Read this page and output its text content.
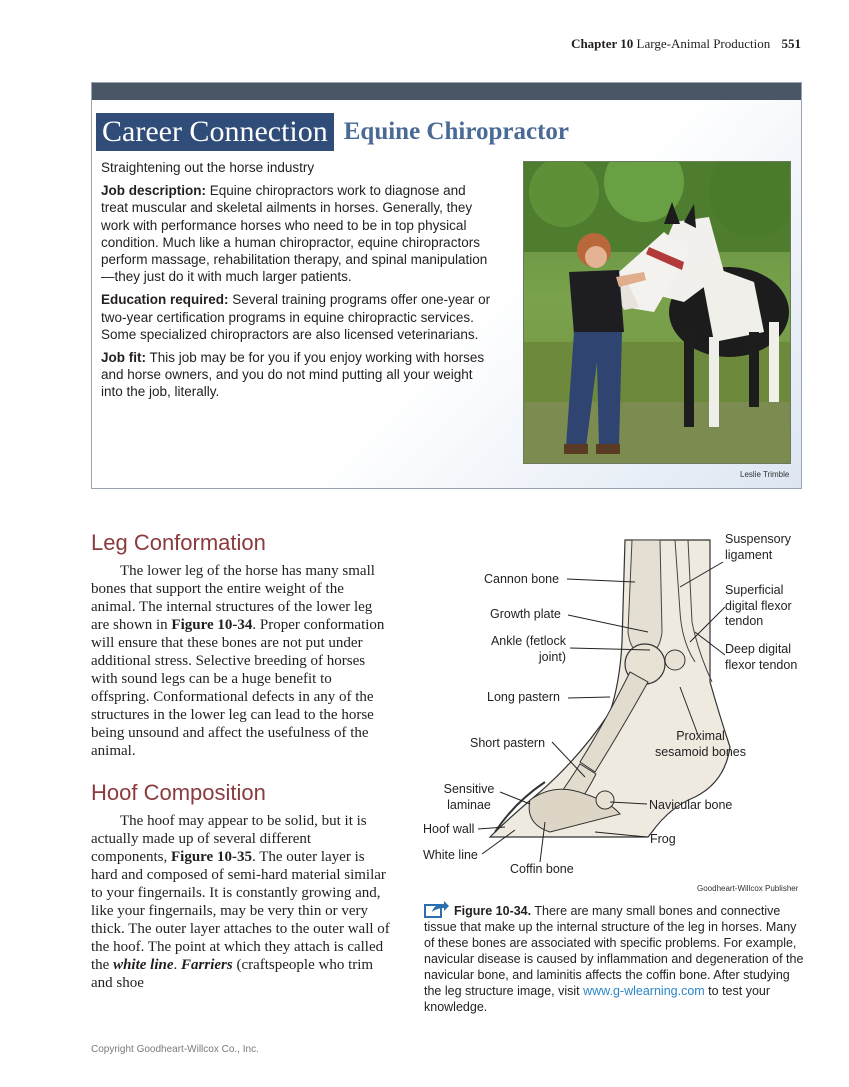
Chapter 10 Large-Animal Production 551
Career Connection Equine Chiropractor

Straightening out the horse industry

Job description: Equine chiropractors work to diagnose and treat muscular and skeletal ailments in horses. Generally, they work with performance horses who need to be in top physical condition. Much like a human chiropractor, equine chiropractors perform massage, rehabilitation therapy, and spinal manipulation—they just do it with much larger patients.

Education required: Several training programs offer one-year or two-year certification programs in equine chiropractic services. Some specialized chiropractors are also licensed veterinarians.

Job fit: This job may be for you if you enjoy working with horses and horse owners, and you do not mind putting all your weight into the job, literally.

Leslie Trimble
Leg Conformation

The lower leg of the horse has many small bones that support the entire weight of the animal. The internal structures of the lower leg are shown in Figure 10-34. Proper conformation will ensure that these bones are not put under additional stress. Selective breeding of horses with sound legs can be a huge benefit to offspring. Conformational defects in any of the structures in the lower leg can lead to the horse being unsound and affect the usefulness of the animal.

Hoof Composition

The hoof may appear to be solid, but it is actually made up of several different components, Figure 10-35. The outer layer is hard and composed of semi-hard material similar to your fingernails. It is constantly growing and, like your fingernails, may be very thin or very thick. The outer layer attaches to the outer wall of the hoof. The point at which they attach is called the white line. Farriers (craftspeople who trim and shoe

Suspensory ligament
Cannon bone
Superficial digital flexor tendon
Growth plate
Ankle (fetlock joint)
Deep digital flexor tendon
Long pastern
Proximal sesamoid bones
Short pastern
Sensitive laminae	Navicular bone
Hoof wall
Frog
White line
Coffin bone
Goodheart-Willcox Publisher
Figure 10-34. There are many small bones and connective tissue that make up the internal structure of the leg in horses. Many of these bones are associated with specific problems. For example, navicular disease is caused by inflammation and degeneration of the navicular bone, and laminitis affects the coffin bone. After studying the leg structure image, visit www.g-wlearning.com to test your knowledge.
Copyright Goodheart-Willcox Co., Inc.
